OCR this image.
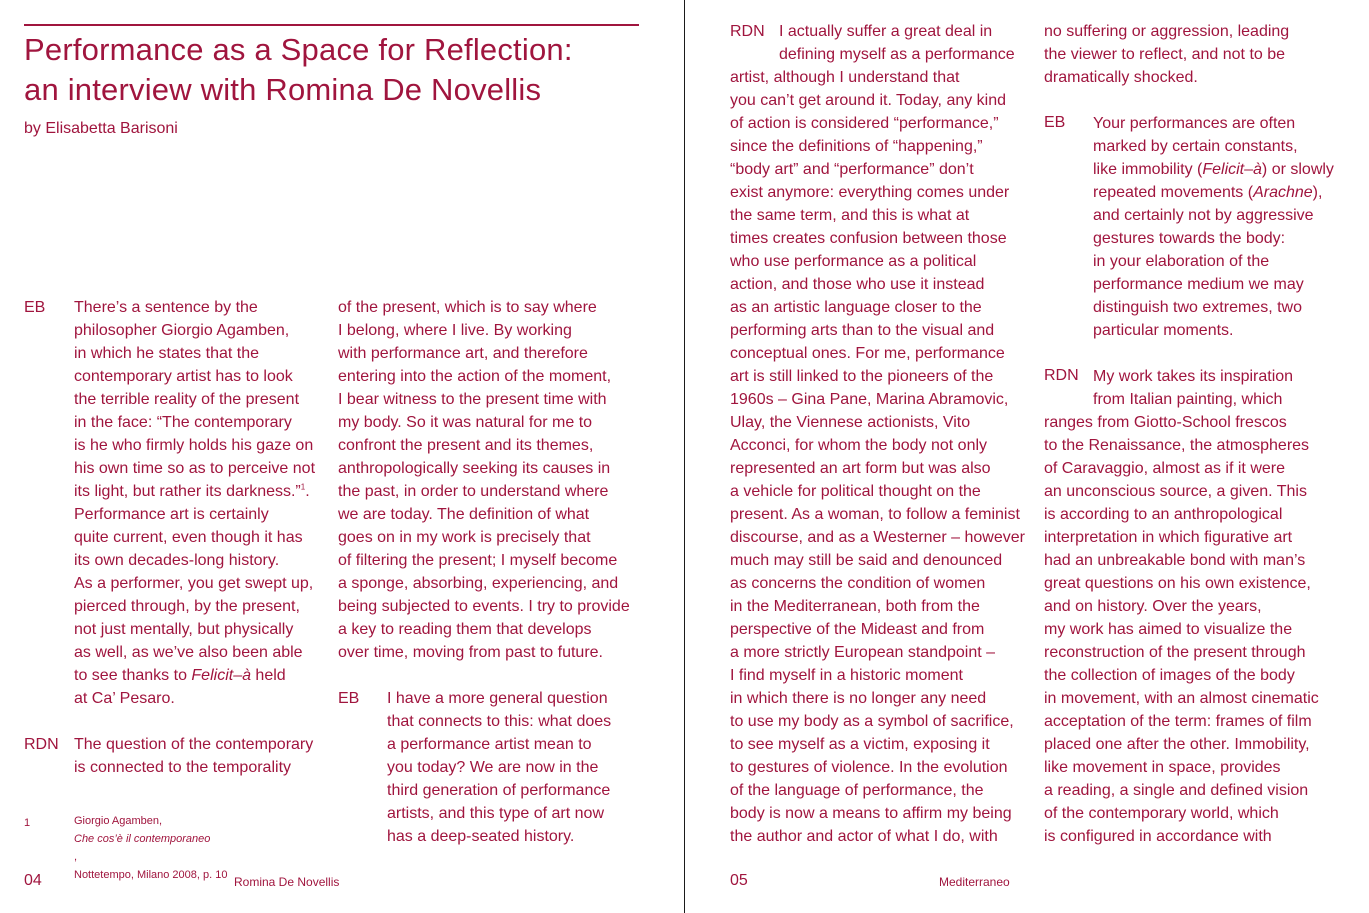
Performance as a Space for Reflection:
an interview with Romina De Novellis

by Elisabetta Barisoni

EB
RDN
There’s a sentence by the
philosopher Giorgio Agamben,
in which he states that the
contemporary artist has to look
the terrible reality of the present
in the face: “The contemporary
is he who firmly holds his gaze on
his own time so as to perceive not
its light, but rather its darkness.”$^1$.
Performance art is certainly
quite current, even though it has
its own decades-long history.
As a performer, you get swept up,
pierced through, by the present,
not just mentally, but physically
as well, as we’ve also been able
to see thanks to Felicit–à held
at Ca’ Pesaro.
The question of the contemporary
is connected to the temporality
of the present, which is to say where
I belong, where I live. By working
with performance art, and therefore
entering into the action of the moment,
I bear witness to the present time with
my body. So it was natural for me to
confront the present and its themes,
anthropologically seeking its causes in
the past, in order to understand where
we are today. The definition of what
goes on in my work is precisely that
of filtering the present; I myself become
a sponge, absorbing, experiencing, and
being subjected to events. I try to provide
a key to reading them that develops
over time, moving from past to future.
I have a more general question
that connects to this: what does
a performance artist mean to
you today? We are now in the
third generation of performance
artists, and this type of art now
has a deep-seated history.
EB
1	Giorgio Agamben,
Che cos’è il contemporaneo
,
Nottetempo, Milano 2008, p. 10
04	Romina De Novellis
RDN I actually suffer a great deal in
defining myself as a performance
artist, although I understand that
you can’t get around it. Today, any kind
of action is considered “performance,”
since the definitions of “happening,”
“body art” and “performance” don’t
exist anymore: everything comes under
the same term, and this is what at
times creates confusion between those
who use performance as a political
action, and those who use it instead
as an artistic language closer to the
performing arts than to the visual and
conceptual ones. For me, performance
art is still linked to the pioneers of the
1960s – Gina Pane, Marina Abramovic,
Ulay, the Viennese actionists, Vito
Acconci, for whom the body not only
represented an art form but was also
a vehicle for political thought on the
present. As a woman, to follow a feminist
discourse, and as a Westerner – however
much may still be said and denounced
as concerns the condition of women
in the Mediterranean, both from the
perspective of the Mideast and from
a more strictly European standpoint –
I find myself in a historic moment
in which there is no longer any need
to use my body as a symbol of sacrifice,
to see myself as a victim, exposing it
to gestures of violence. In the evolution
of the language of performance, the
body is now a means to affirm my being
the author and actor of what I do, with
EB
RDN
no suffering or aggression, leading
the viewer to reflect, and not to be
dramatically shocked.
Your performances are often
marked by certain constants,
like immobility (Felicit–à) or slowly
repeated movements (Arachne),
and certainly not by aggressive
gestures towards the body:
in your elaboration of the
performance medium we may
distinguish two extremes, two
particular moments.
My work takes its inspiration
from Italian painting, which
ranges from Giotto-School frescos
to the Renaissance, the atmospheres
of Caravaggio, almost as if it were
an unconscious source, a given. This
is according to an anthropological
interpretation in which figurative art
had an unbreakable bond with man’s
great questions on his own existence,
and on history. Over the years,
my work has aimed to visualize the
reconstruction of the present through
the collection of images of the body
in movement, with an almost cinematic
acceptation of the term: frames of film
placed one after the other. Immobility,
like movement in space, provides
a reading, a single and defined vision
of the contemporary world, which
is configured in accordance with
05	Mediterraneo
